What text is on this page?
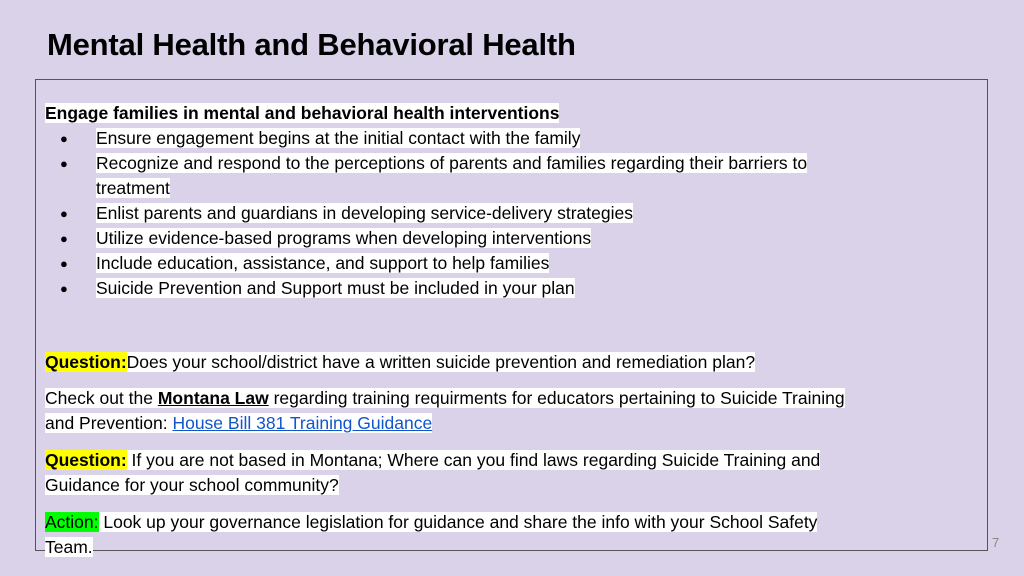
Mental Health and Behavioral Health
Engage families in mental and behavioral health interventions
● Ensure engagement begins at the initial contact with the family
● Recognize and respond to the perceptions of parents and families regarding their barriers to
treatment
● Enlist parents and guardians in developing service-delivery strategies
● Utilize evidence-based programs when developing interventions
● Include education, assistance, and support to help families
● Suicide Prevention and Support must be included in your plan
Question:Does your school/district have a written suicide prevention and remediation plan?
Check out the Montana Law regarding training requirments for educators pertaining to Suicide Training
and Prevention: House Bill 381 Training Guidance
Question: If you are not based in Montana; Where can you find laws regarding Suicide Training and
Guidance for your school community?
Action: Look up your governance legislation for guidance and share the info with your School Safety
Team.	7
